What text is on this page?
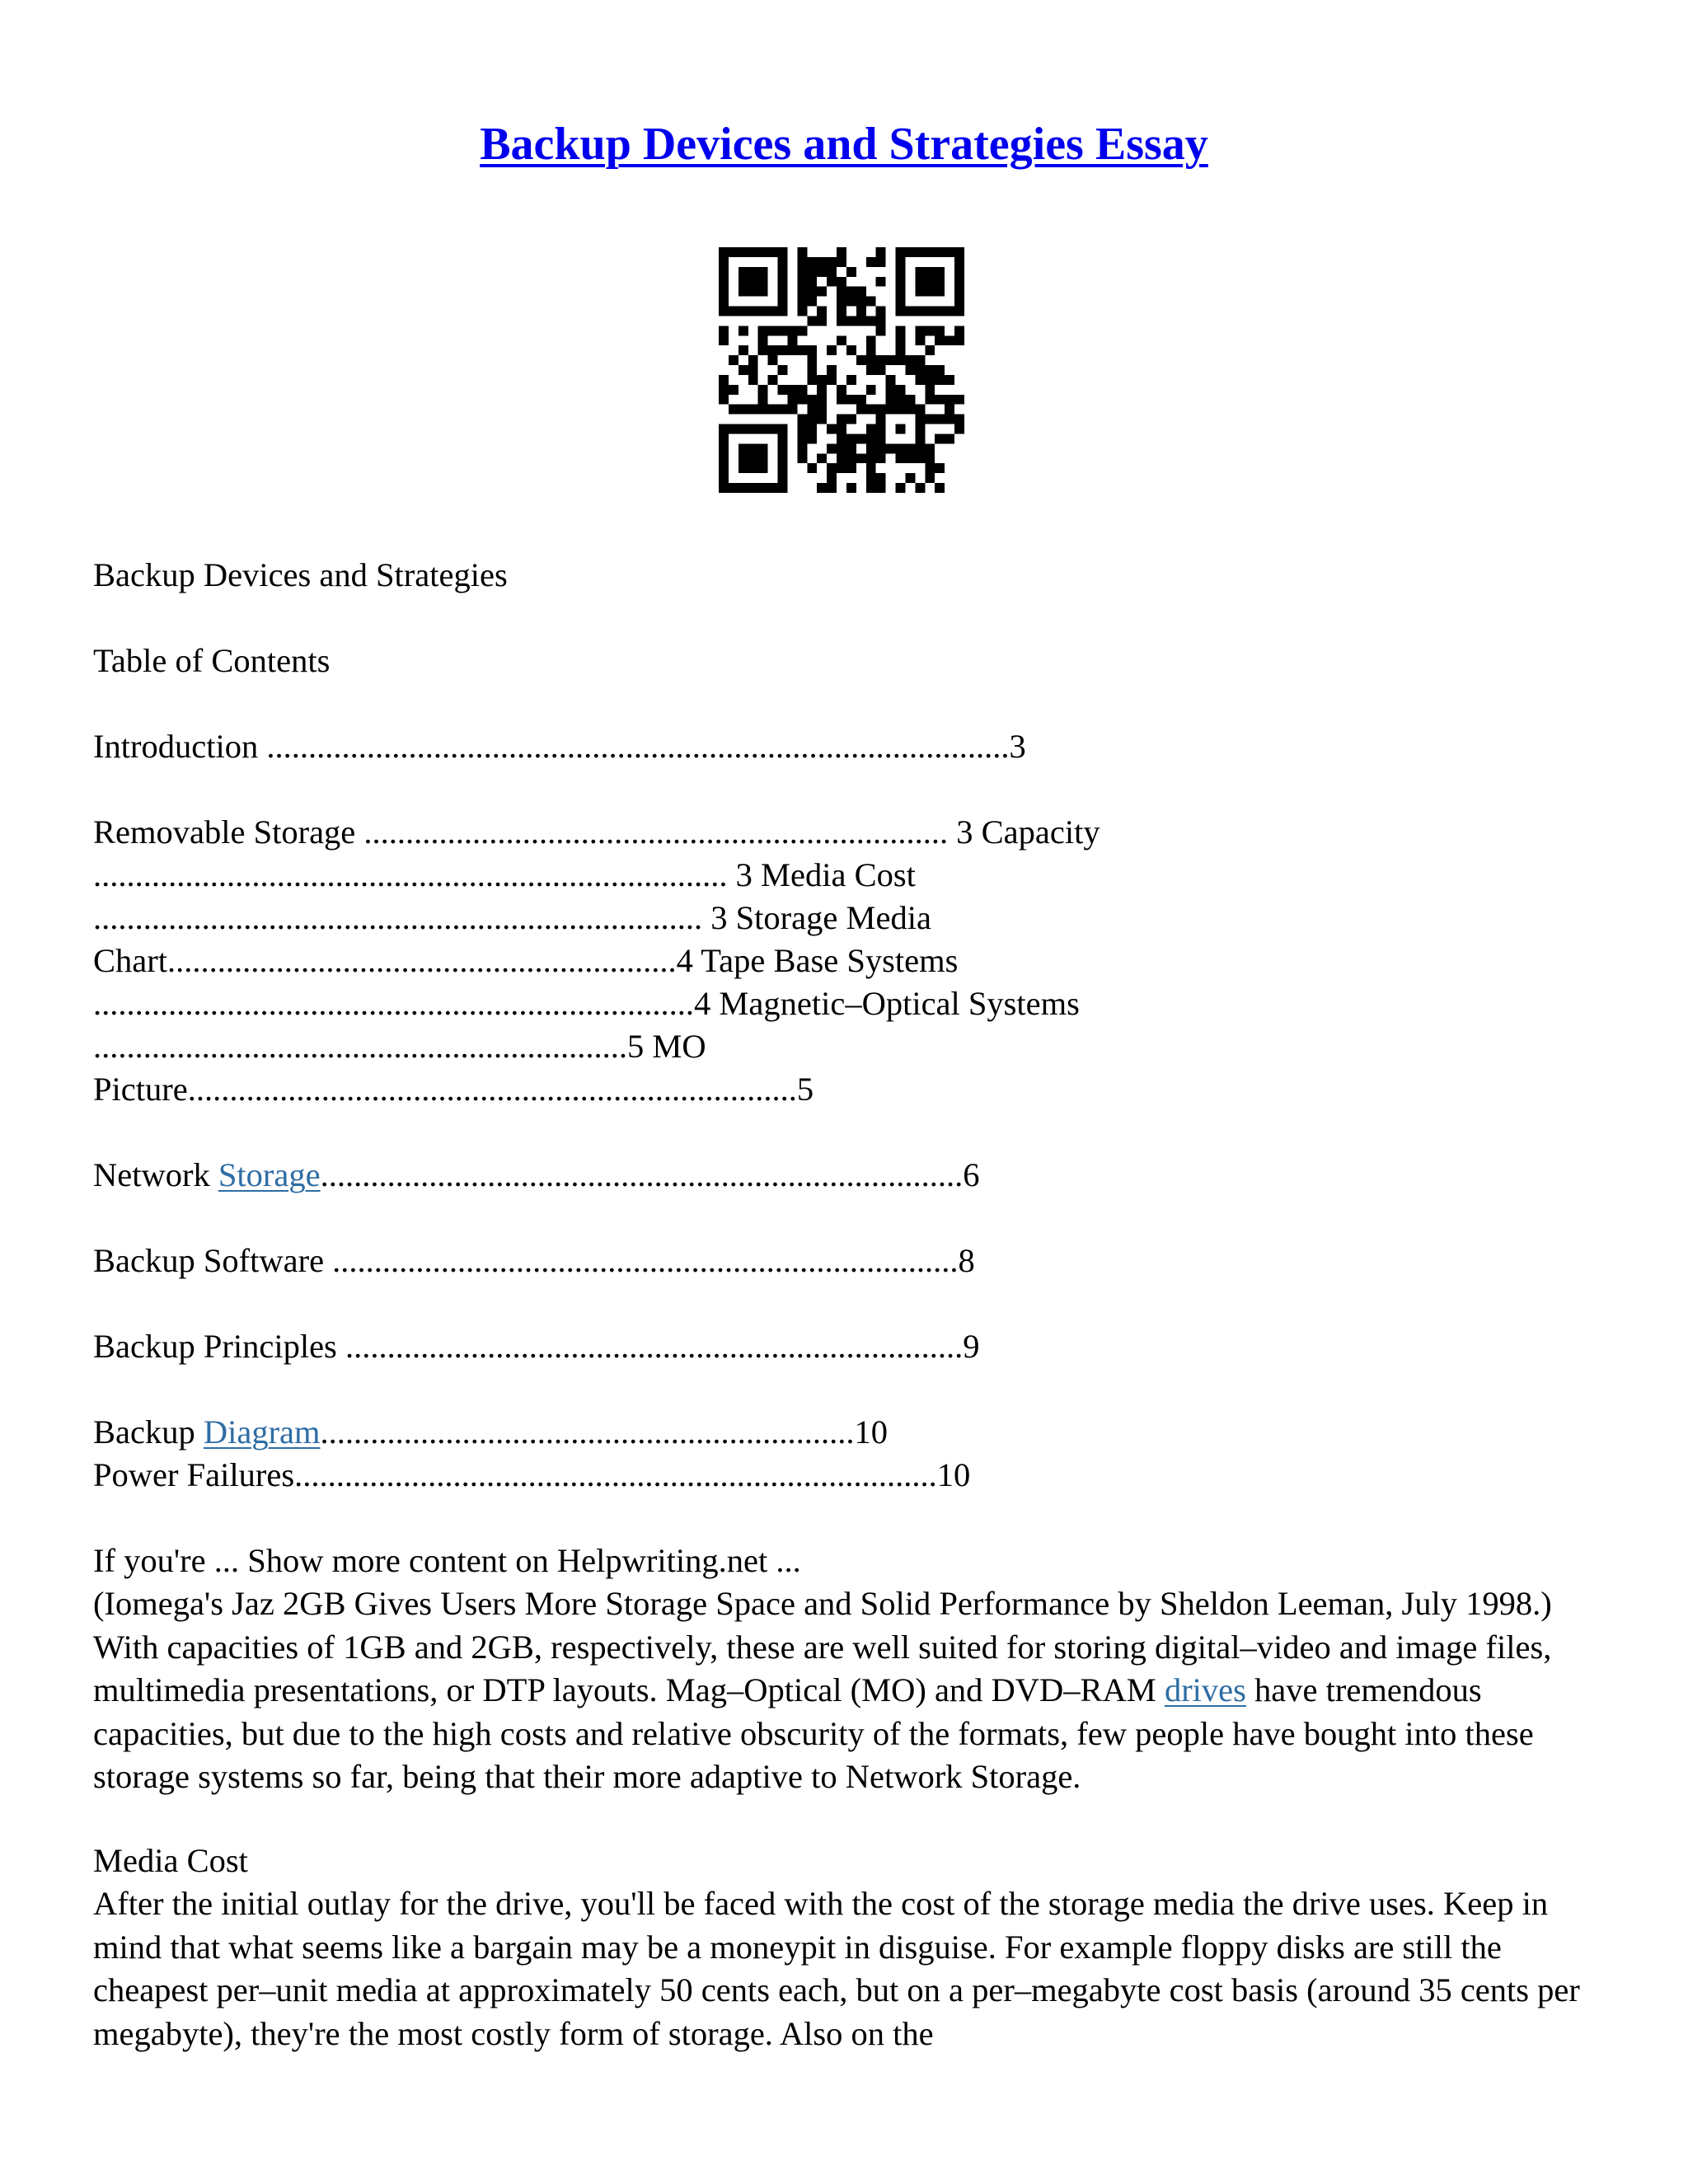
Backup Devices and Strategies Essay

Backup Devices and Strategies

Table of Contents

Introduction .........................................................................................3

Removable Storage ...................................................................... 3 Capacity

............................................................................ 3 Media Cost

......................................................................... 3 Storage Media

Chart.............................................................4 Tape Base Systems

........................................................................4 Magnetic–Optical Systems

................................................................5 MO

Picture.........................................................................5

Network Storage.............................................................................6

Backup Software ...........................................................................8

Backup Principles ..........................................................................9

Backup Diagram................................................................10

Power Failures.............................................................................10

If you're ... Show more content on Helpwriting.net ...

(Iomega's Jaz 2GB Gives Users More Storage Space and Solid Performance by Sheldon Leeman, July 1998.) With capacities of 1GB and 2GB, respectively, these are well suited for storing digital–video and image files, multimedia presentations, or DTP layouts. Mag–Optical (MO) and DVD–RAM drives have tremendous capacities, but due to the high costs and relative obscurity of the formats, few people have bought into these storage systems so far, being that their more adaptive to Network Storage.

Media Cost

After the initial outlay for the drive, you'll be faced with the cost of the storage media the drive uses. Keep in mind that what seems like a bargain may be a moneypit in disguise. For example floppy disks are still the cheapest per–unit media at approximately 50 cents each, but on a per–megabyte cost basis (around 35 cents per megabyte), they're the most costly form of storage. Also on the
